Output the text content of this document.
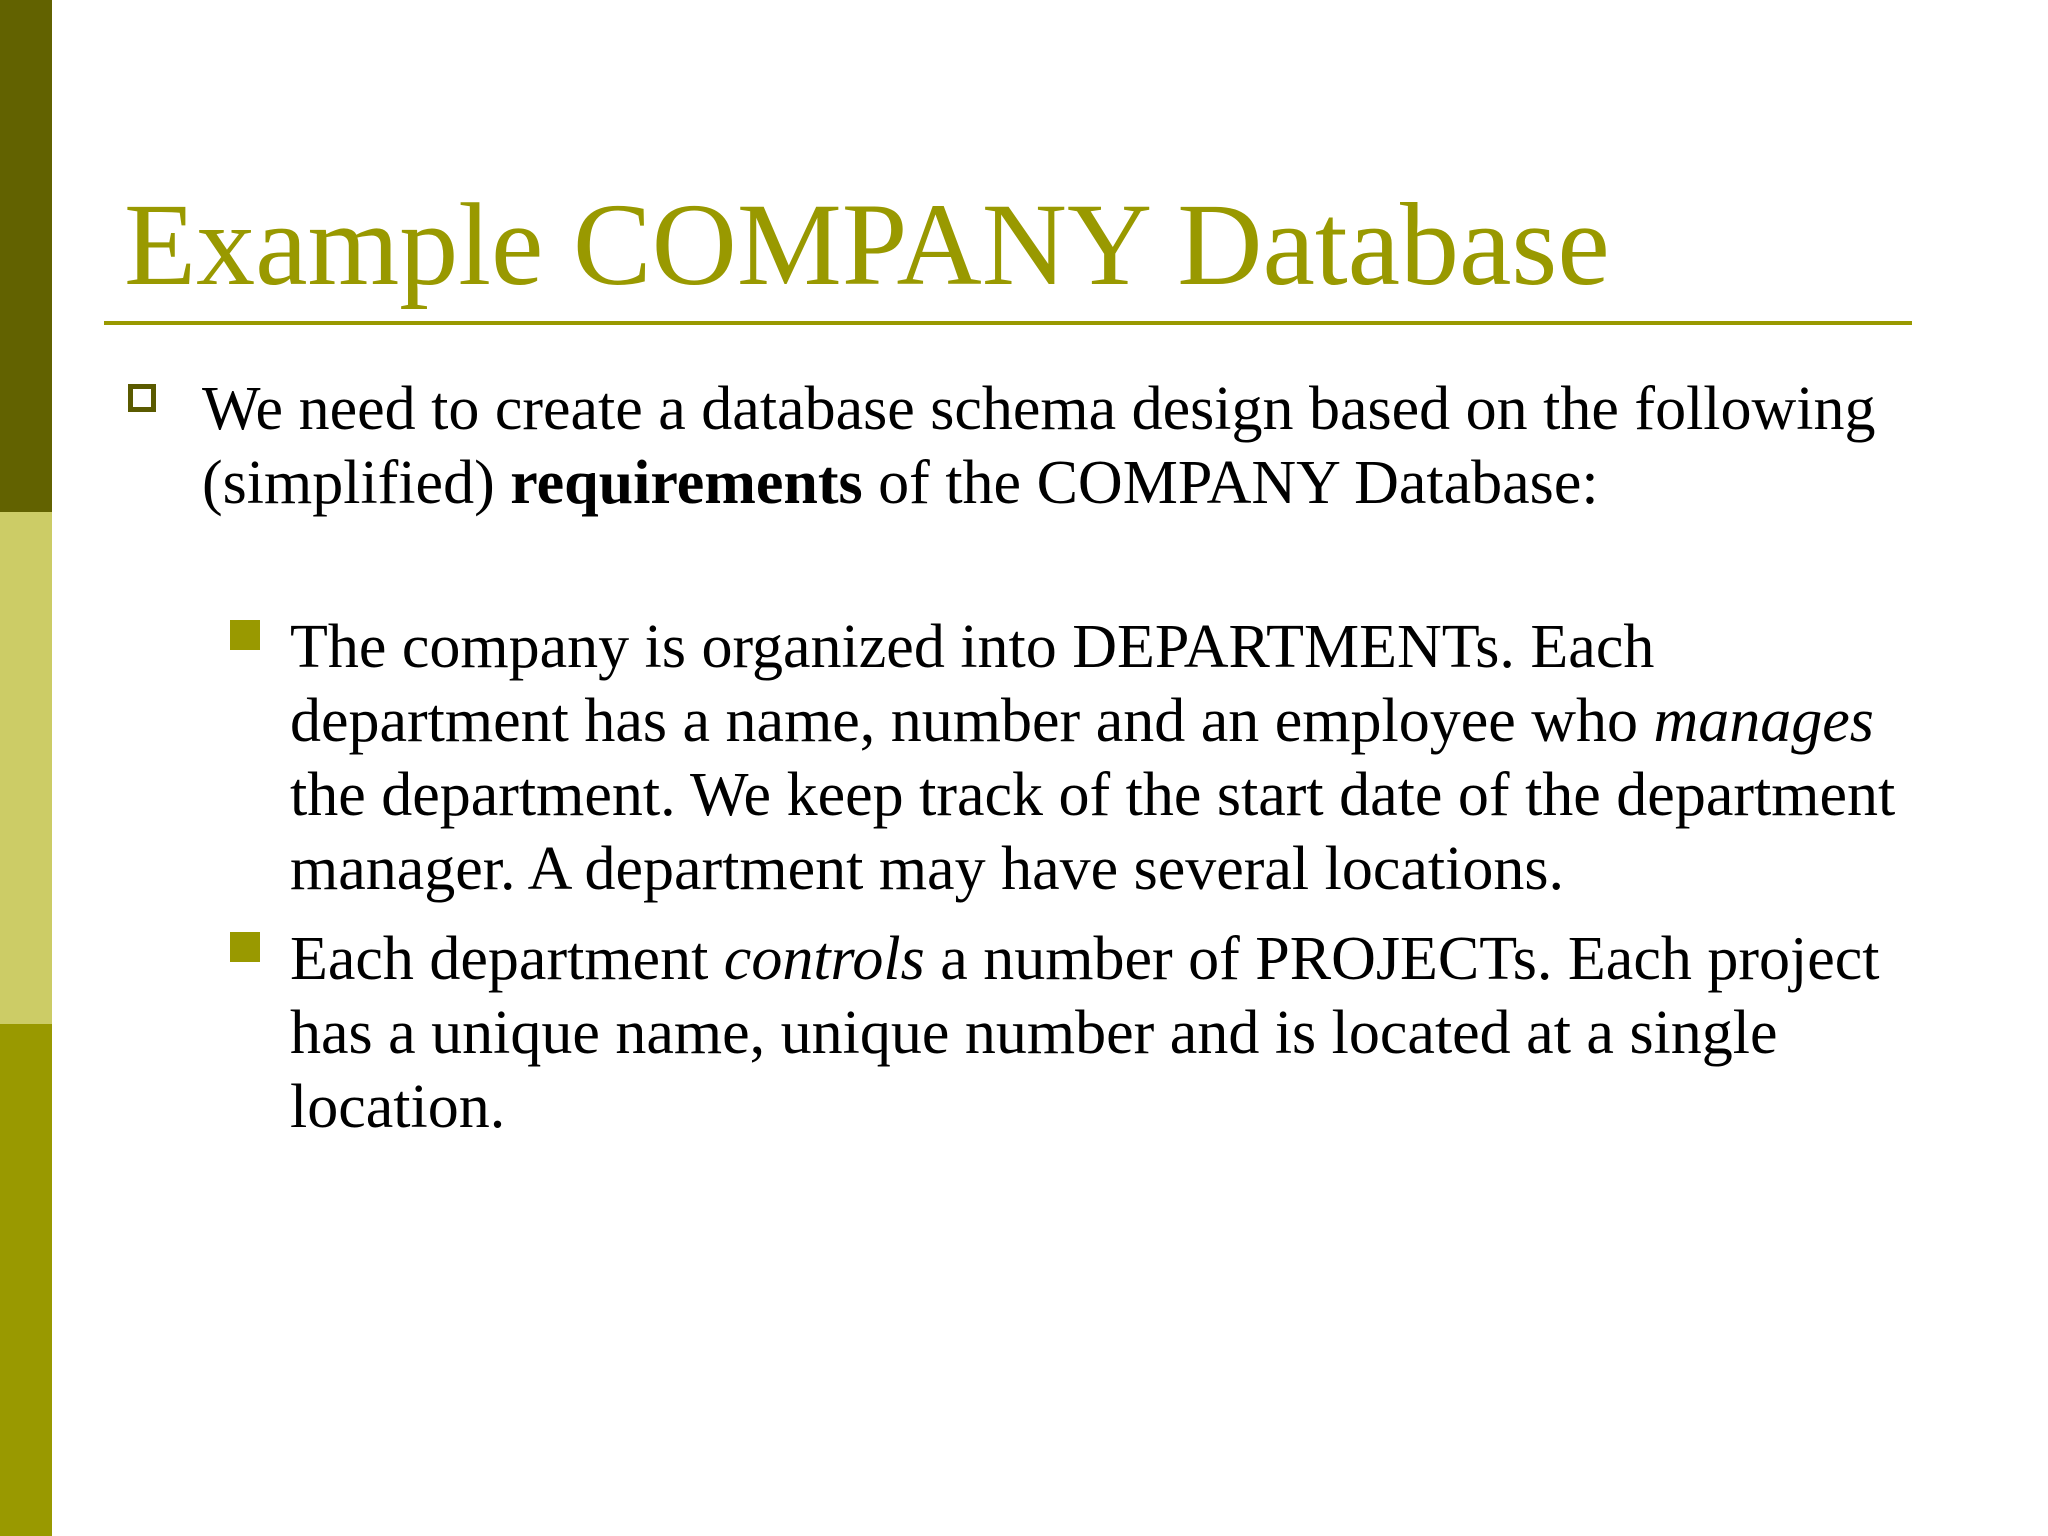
Example COMPANY Database
We need to create a database schema design based on the following (simplified) requirements of the COMPANY Database:
The company is organized into DEPARTMENTs. Each department has a name, number and an employee who manages the department. We keep track of the start date of the department manager. A department may have several locations.
Each department controls a number of PROJECTs. Each project has a unique name, unique number and is located at a single location.
